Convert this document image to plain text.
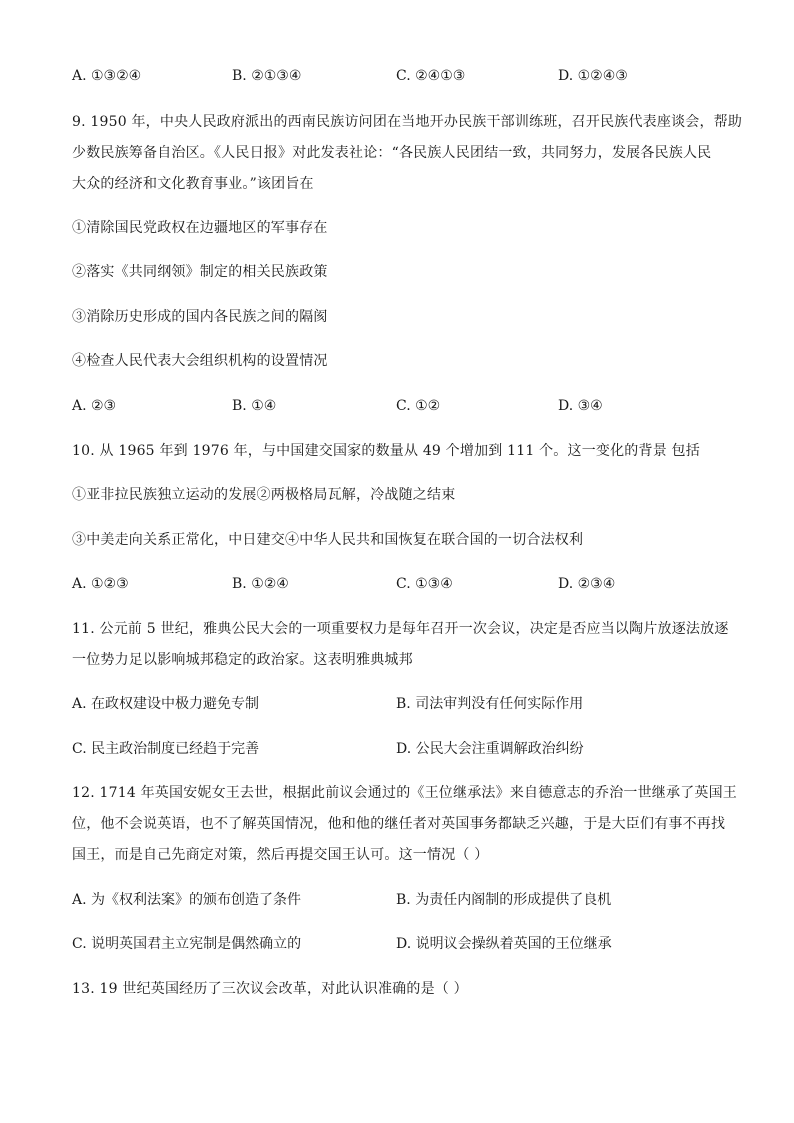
A. ①③②④	B. ②①③④	C. ②④①③	D. ①②④③
9. 1950 年，中央人民政府派出的西南民族访问团在当地开办民族干部训练班，召开民族代表座谈会，帮助
少数民族筹备自治区。《人民日报》对此发表社论：“各民族人民团结一致，共同努力，发展各民族人民
大众的经济和文化教育事业。”该团旨在
①清除国民党政权在边疆地区的军事存在
②落实《共同纲领》制定的相关民族政策
③消除历史形成的国内各民族之间的隔阂
④检查人民代表大会组织机构的设置情况
A. ②③	B. ①④	C. ①②	D. ③④
10. 从 1965 年到 1976 年，与中国建交国家的数量从 49 个增加到 111 个。这一变化的背景 包括
①亚非拉民族独立运动的发展②两极格局瓦解，冷战随之结束
③中美走向关系正常化，中日建交④中华人民共和国恢复在联合国的一切合法权利
A. ①②③	B. ①②④	C. ①③④	D. ②③④
11. 公元前 5 世纪，雅典公民大会的一项重要权力是每年召开一次会议，决定是否应当以陶片放逐法放逐
一位势力足以影响城邦稳定的政治家。这表明雅典城邦
A. 在政权建设中极力避免专制	B. 司法审判没有任何实际作用
C. 民主政治制度已经趋于完善	D. 公民大会注重调解政治纠纷
12. 1714 年英国安妮女王去世，根据此前议会通过的《王位继承法》来自德意志的乔治一世继承了英国王
位，他不会说英语，也不了解英国情况，他和他的继任者对英国事务都缺乏兴趣，于是大臣们有事不再找
国王，而是自己先商定对策，然后再提交国王认可。这一情况（ ）
A. 为《权利法案》的颁布创造了条件	B. 为责任内阁制的形成提供了良机
C. 说明英国君主立宪制是偶然确立的	D. 说明议会操纵着英国的王位继承
13. 19 世纪英国经历了三次议会改革，对此认识准确的是（ ）
